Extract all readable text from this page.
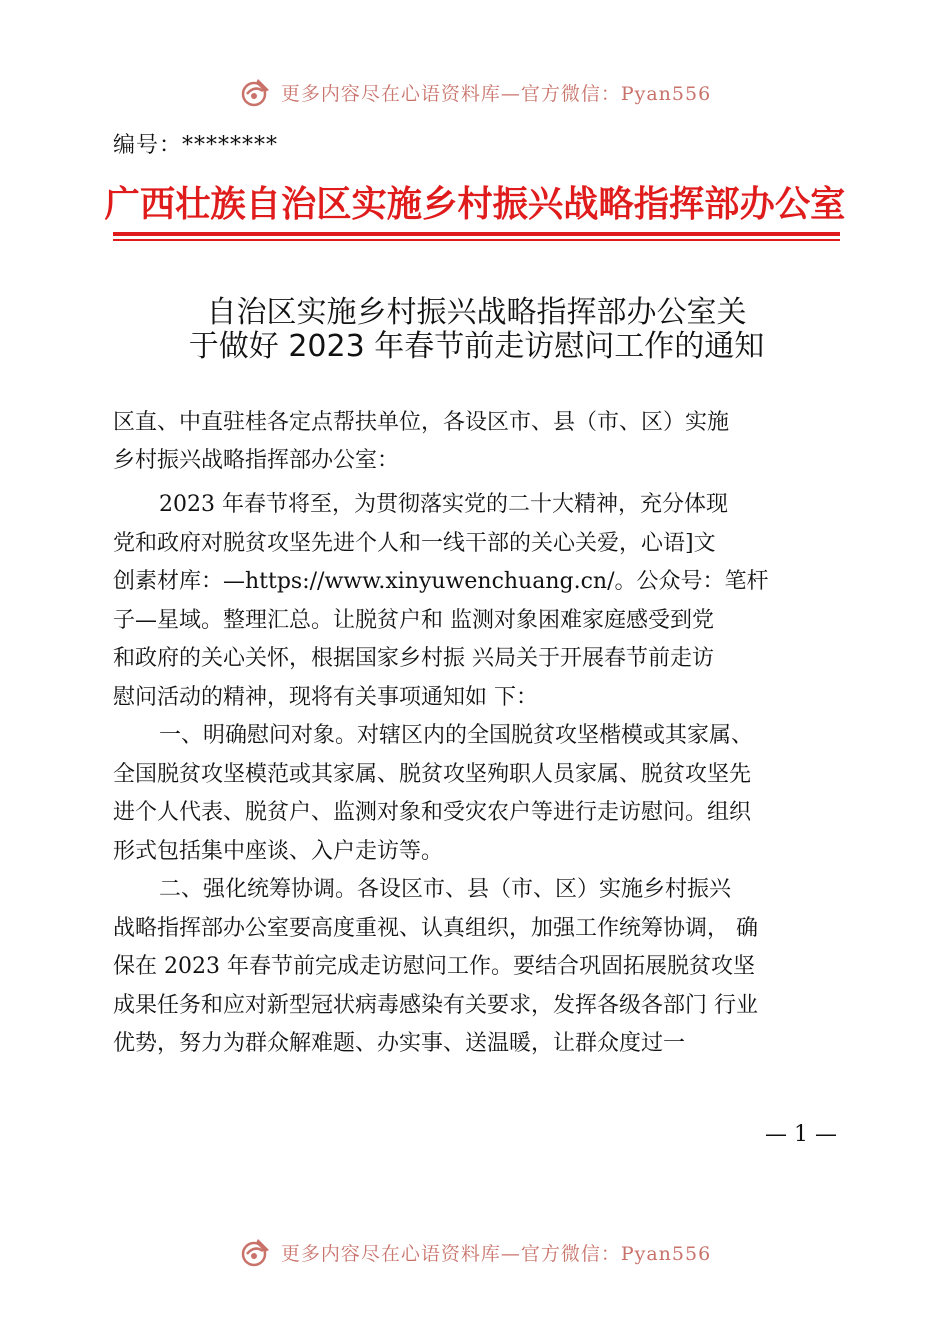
更多内容尽在心语资料库—官方微信：Pyan556
编号：********
广西壮族自治区实施乡村振兴战略指挥部办公室
自治区实施乡村振兴战略指挥部办公室关
于做好 2023 年春节前走访慰问工作的通知
区直、中直驻桂各定点帮扶单位，各设区市、县（市、区）实施
乡村振兴战略指挥部办公室：
2023 年春节将至，为贯彻落实党的二十大精神，充分体现
党和政府对脱贫攻坚先进个人和一线干部的关心关爱，心语]文
创素材库：—https://www.xinyuwenchuang.cn/。公众号：笔杆
子—星域。整理汇总。让脱贫户和 监测对象困难家庭感受到党
和政府的关心关怀，根据国家乡村振 兴局关于开展春节前走访
慰问活动的精神，现将有关事项通知如 下：
一、明确慰问对象。对辖区内的全国脱贫攻坚楷模或其家属、
全国脱贫攻坚模范或其家属、脱贫攻坚殉职人员家属、脱贫攻坚先
进个人代表、脱贫户、监测对象和受灾农户等进行走访慰问。组织
形式包括集中座谈、入户走访等。
二、强化统筹协调。各设区市、县（市、区）实施乡村振兴
战略指挥部办公室要高度重视、认真组织，加强工作统筹协调， 确
保在 2023 年春节前完成走访慰问工作。要结合巩固拓展脱贫攻坚
成果任务和应对新型冠状病毒感染有关要求，发挥各级各部门 行业
优势，努力为群众解难题、办实事、送温暖，让群众度过一
— 1 —
更多内容尽在心语资料库—官方微信：Pyan556
